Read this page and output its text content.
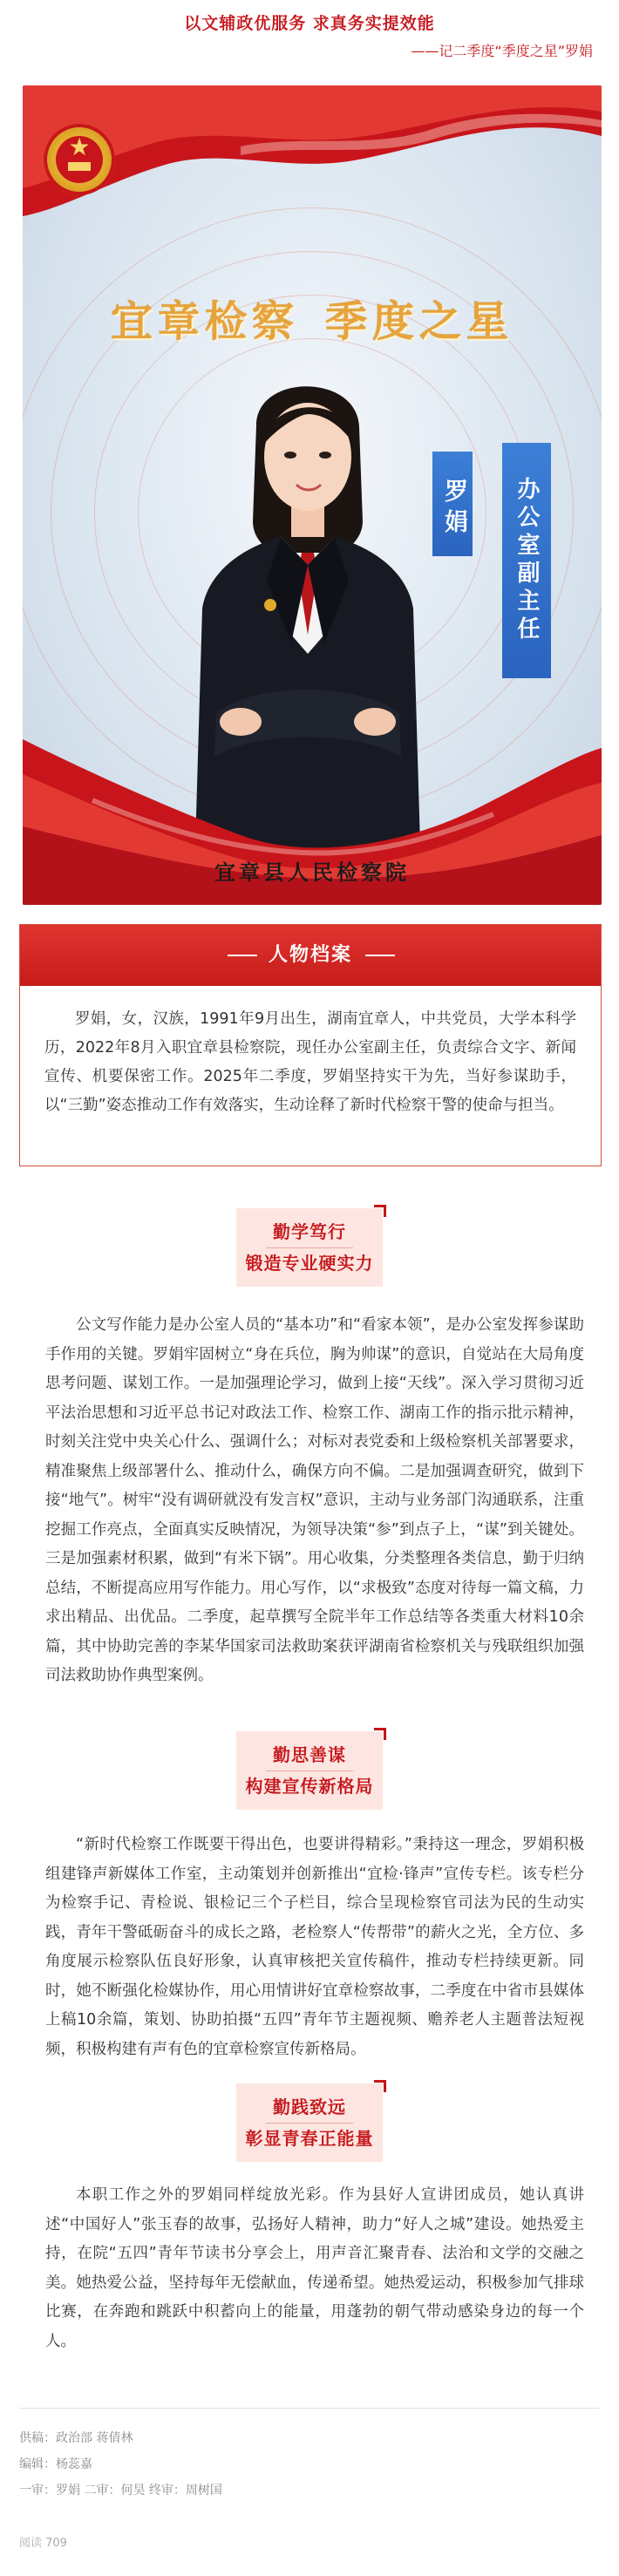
以文辅政优服务 求真务实提效能
——记二季度“季度之星”罗娟
★
宜章检察 季度之星
罗娟	办公室副主任
宜章县人民检察院
人物档案
罗娟，女，汉族，1991年9月出生，湖南宜章人，中共党员，大学本科学历，2022年8月入职宜章县检察院，现任办公室副主任，负责综合文字、新闻宣传、机要保密工作。2025年二季度，罗娟坚持实干为先，当好参谋助手，以“三勤”姿态推动工作有效落实，生动诠释了新时代检察干警的使命与担当。
勤学笃行
锻造专业硬实力
公文写作能力是办公室人员的“基本功”和“看家本领”，是办公室发挥参谋助手作用的关键。罗娟牢固树立“身在兵位，胸为帅谋”的意识，自觉站在大局角度思考问题、谋划工作。一是加强理论学习，做到上接“天线”。深入学习贯彻习近平法治思想和习近平总书记对政法工作、检察工作、湖南工作的指示批示精神，时刻关注党中央关心什么、强调什么；对标对表党委和上级检察机关部署要求，精准聚焦上级部署什么、推动什么，确保方向不偏。二是加强调查研究，做到下接“地气”。树牢“没有调研就没有发言权”意识，主动与业务部门沟通联系，注重挖掘工作亮点，全面真实反映情况，为领导决策“参”到点子上，“谋”到关键处。三是加强素材积累，做到“有米下锅”。用心收集，分类整理各类信息，勤于归纳总结，不断提高应用写作能力。用心写作，以“求极致”态度对待每一篇文稿，力求出精品、出优品。二季度，起草撰写全院半年工作总结等各类重大材料10余篇，其中协助完善的李某华国家司法救助案获评湖南省检察机关与残联组织加强司法救助协作典型案例。
勤思善谋
构建宣传新格局
“新时代检察工作既要干得出色，也要讲得精彩。”秉持这一理念，罗娟积极组建锋声新媒体工作室，主动策划并创新推出“宜检·锋声”宣传专栏。该专栏分为检察手记、青检说、银检记三个子栏目，综合呈现检察官司法为民的生动实践，青年干警砥砺奋斗的成长之路，老检察人“传帮带”的薪火之光，全方位、多角度展示检察队伍良好形象，认真审核把关宣传稿件，推动专栏持续更新。同时，她不断强化检媒协作，用心用情讲好宜章检察故事，二季度在中省市县媒体上稿10余篇，策划、协助拍摄“五四”青年节主题视频、赡养老人主题普法短视频，积极构建有声有色的宜章检察宣传新格局。
勤践致远
彰显青春正能量
本职工作之外的罗娟同样绽放光彩。作为县好人宣讲团成员，她认真讲述“中国好人”张玉春的故事，弘扬好人精神，助力“好人之城”建设。她热爱主持，在院“五四”青年节读书分享会上，用声音汇聚青春、法治和文学的交融之美。她热爱公益，坚持每年无偿献血，传递希望。她热爱运动，积极参加气排球比赛，在奔跑和跳跃中积蓄向上的能量，用蓬勃的朝气带动感染身边的每一个人。
供稿：政治部 蒋倩林
编辑：杨蕊嘉
一审：罗娟 二审：何昊 终审：周树国
阅读 709
